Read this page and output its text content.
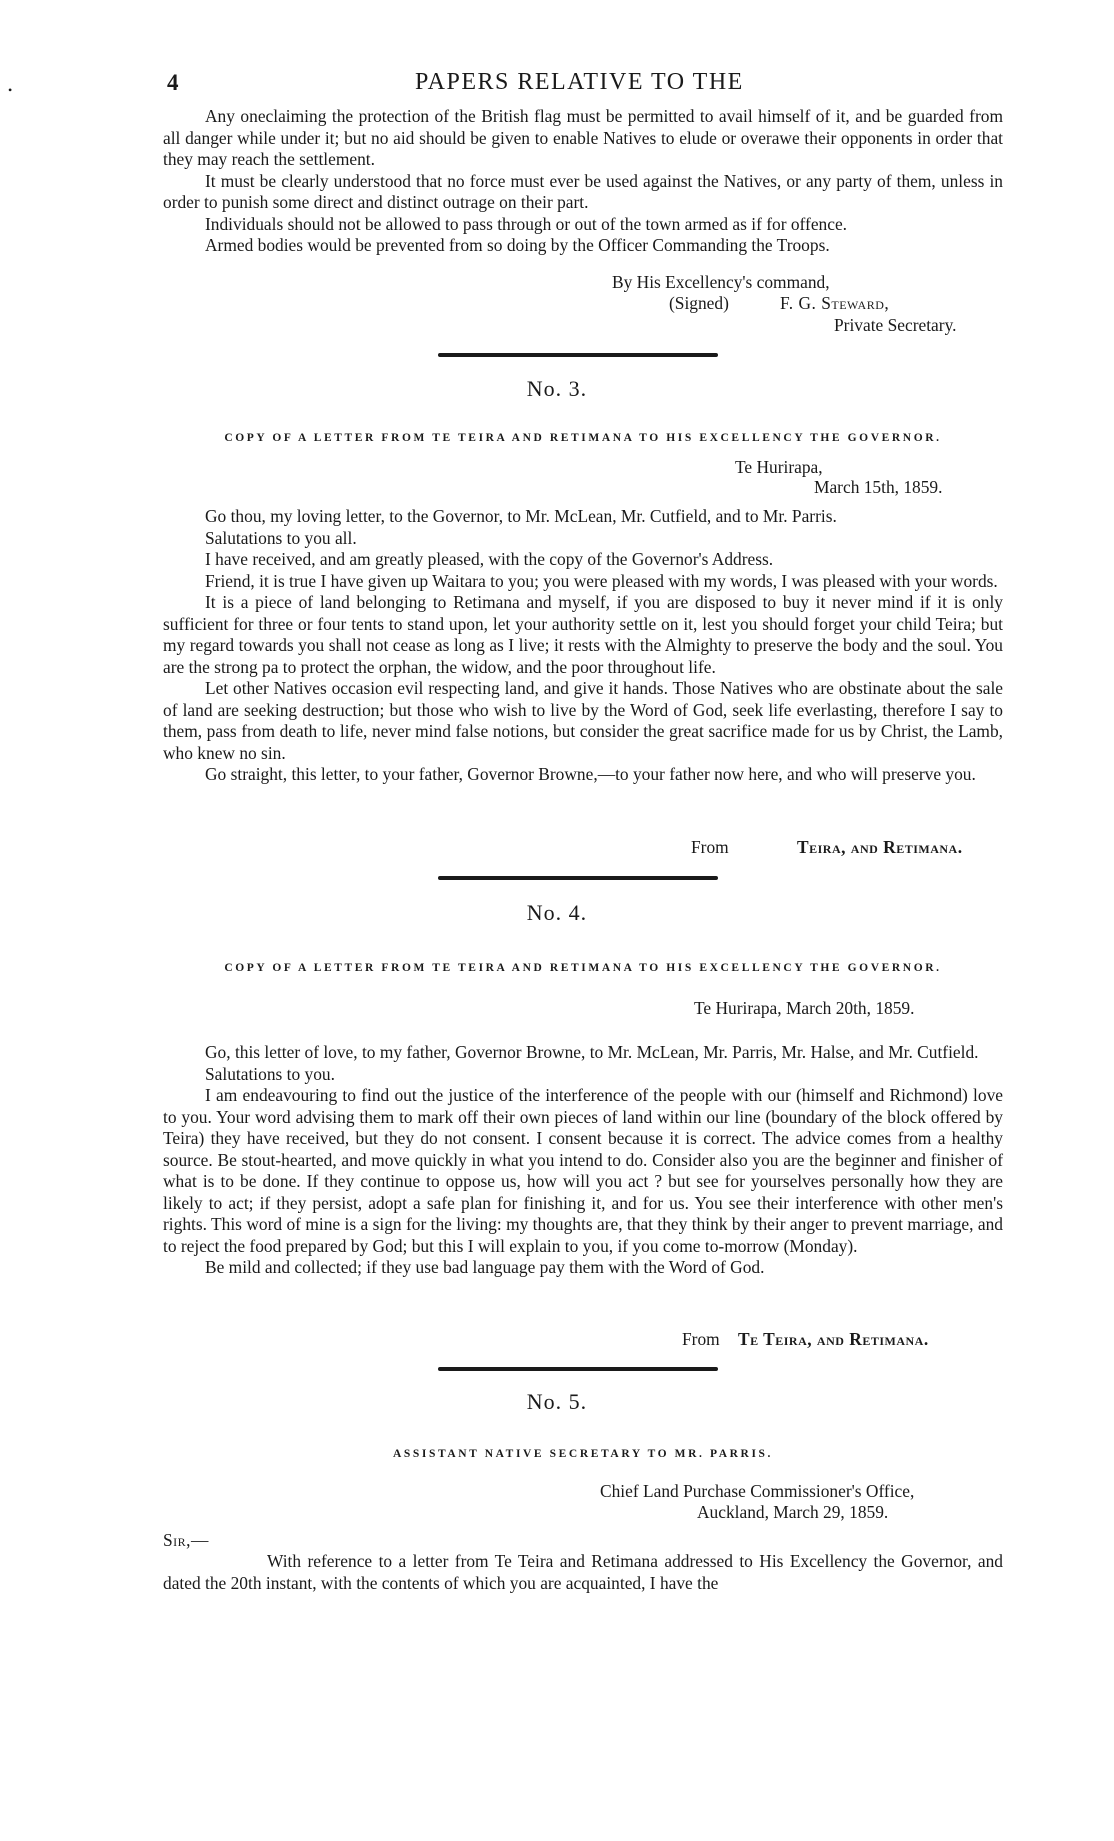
•	4	PAPERS RELATIVE TO THE

Any oneclaiming the protection of the British flag must be permitted to avail himself of it, and be guarded from all danger while under it; but no aid should be given to enable Natives to elude or overawe their opponents in order that they may reach the settlement.

It must be clearly understood that no force must ever be used against the Natives, or any party of them, unless in order to punish some direct and distinct outrage on their part.

Individuals should not be allowed to pass through or out of the town armed as if for offence.

Armed bodies would be prevented from so doing by the Officer Commanding the Troops.

By His Excellency's command,
(Signed)	F. G. Steward,
Private Secretary.
No. 3.
COPY OF A LETTER FROM TE TEIRA AND RETIMANA TO HIS EXCELLENCY THE GOVERNOR.
Te Hurirapa,
March 15th, 1859.

Go thou, my loving letter, to the Governor, to Mr. McLean, Mr. Cutfield, and to Mr. Parris.

Salutations to you all.

I have received, and am greatly pleased, with the copy of the Governor's Address.

Friend, it is true I have given up Waitara to you; you were pleased with my words, I was pleased with your words.

It is a piece of land belonging to Retimana and myself, if you are disposed to buy it never mind if it is only sufficient for three or four tents to stand upon, let your authority settle on it, lest you should forget your child Teira; but my regard towards you shall not cease as long as I live; it rests with the Almighty to preserve the body and the soul. You are the strong pa to protect the orphan, the widow, and the poor throughout life.

Let other Natives occasion evil respecting land, and give it hands. Those Natives who are obstinate about the sale of land are seeking destruction; but those who wish to live by the Word of God, seek life everlasting, therefore I say to them, pass from death to life, never mind false notions, but consider the great sacrifice made for us by Christ, the Lamb, who knew no sin.

Go straight, this letter, to your father, Governor Browne,—to your father now here, and who will preserve you.

From	Teira, and Retimana.
No. 4.
COPY OF A LETTER FROM TE TEIRA AND RETIMANA TO HIS EXCELLENCY THE GOVERNOR.
Te Hurirapa, March 20th, 1859.

Go, this letter of love, to my father, Governor Browne, to Mr. McLean, Mr. Parris, Mr. Halse, and Mr. Cutfield.

Salutations to you.

I am endeavouring to find out the justice of the interference of the people with our (himself and Richmond) love to you. Your word advising them to mark off their own pieces of land within our line (boundary of the block offered by Teira) they have received, but they do not consent. I consent because it is correct. The advice comes from a healthy source. Be stout-hearted, and move quickly in what you intend to do. Consider also you are the beginner and finisher of what is to be done. If they continue to oppose us, how will you act ? but see for yourselves personally how they are likely to act; if they persist, adopt a safe plan for finishing it, and for us. You see their interference with other men's rights. This word of mine is a sign for the living: my thoughts are, that they think by their anger to prevent marriage, and to reject the food prepared by God; but this I will explain to you, if you come to-morrow (Monday).

Be mild and collected; if they use bad language pay them with the Word of God.

From Te Teira, and Retimana.
No. 5.
ASSISTANT NATIVE SECRETARY TO MR. PARRIS.
Chief Land Purchase Commissioner's Office,
Auckland, March 29, 1859.
Sir,—

With reference to a letter from Te Teira and Retimana addressed to His Excellency the Governor, and dated the 20th instant, with the contents of which you are acquainted, I have the
